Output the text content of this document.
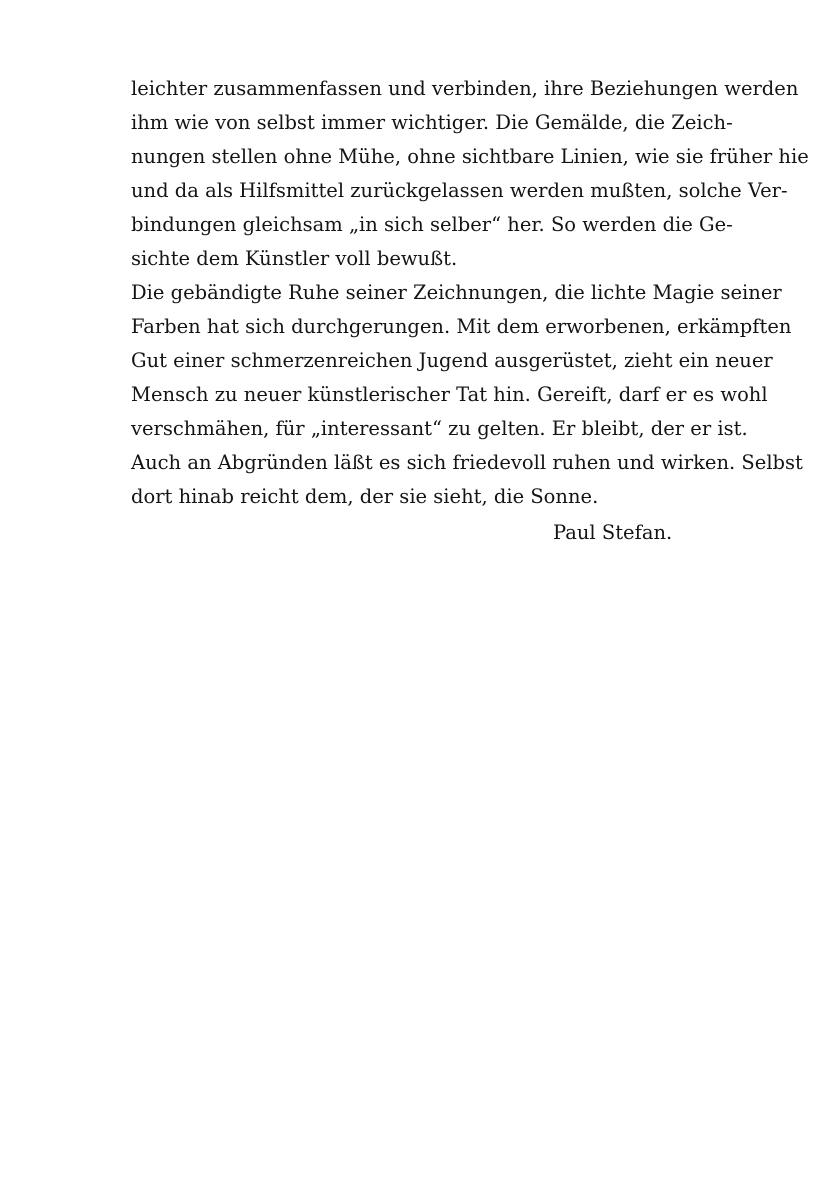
leichter zusammenfassen und verbinden, ihre Beziehungen werden
ihm wie von selbst immer wichtiger. Die Gemälde, die Zeich-
nungen stellen ohne Mühe, ohne sichtbare Linien, wie sie früher hie
und da als Hilfsmittel zurückgelassen werden mußten, solche Ver-
bindungen gleichsam „in sich selber“ her. So werden die Ge-
sichte dem Künstler voll bewußt.
Die gebändigte Ruhe seiner Zeichnungen, die lichte Magie seiner
Farben hat sich durchgerungen. Mit dem erworbenen, erkämpften
Gut einer schmerzenreichen Jugend ausgerüstet, zieht ein neuer
Mensch zu neuer künstlerischer Tat hin. Gereift, darf er es wohl
verschmähen, für „interessant“ zu gelten. Er bleibt, der er ist.
Auch an Abgründen läßt es sich friedevoll ruhen und wirken. Selbst
dort hinab reicht dem, der sie sieht, die Sonne.
Paul Stefan.
